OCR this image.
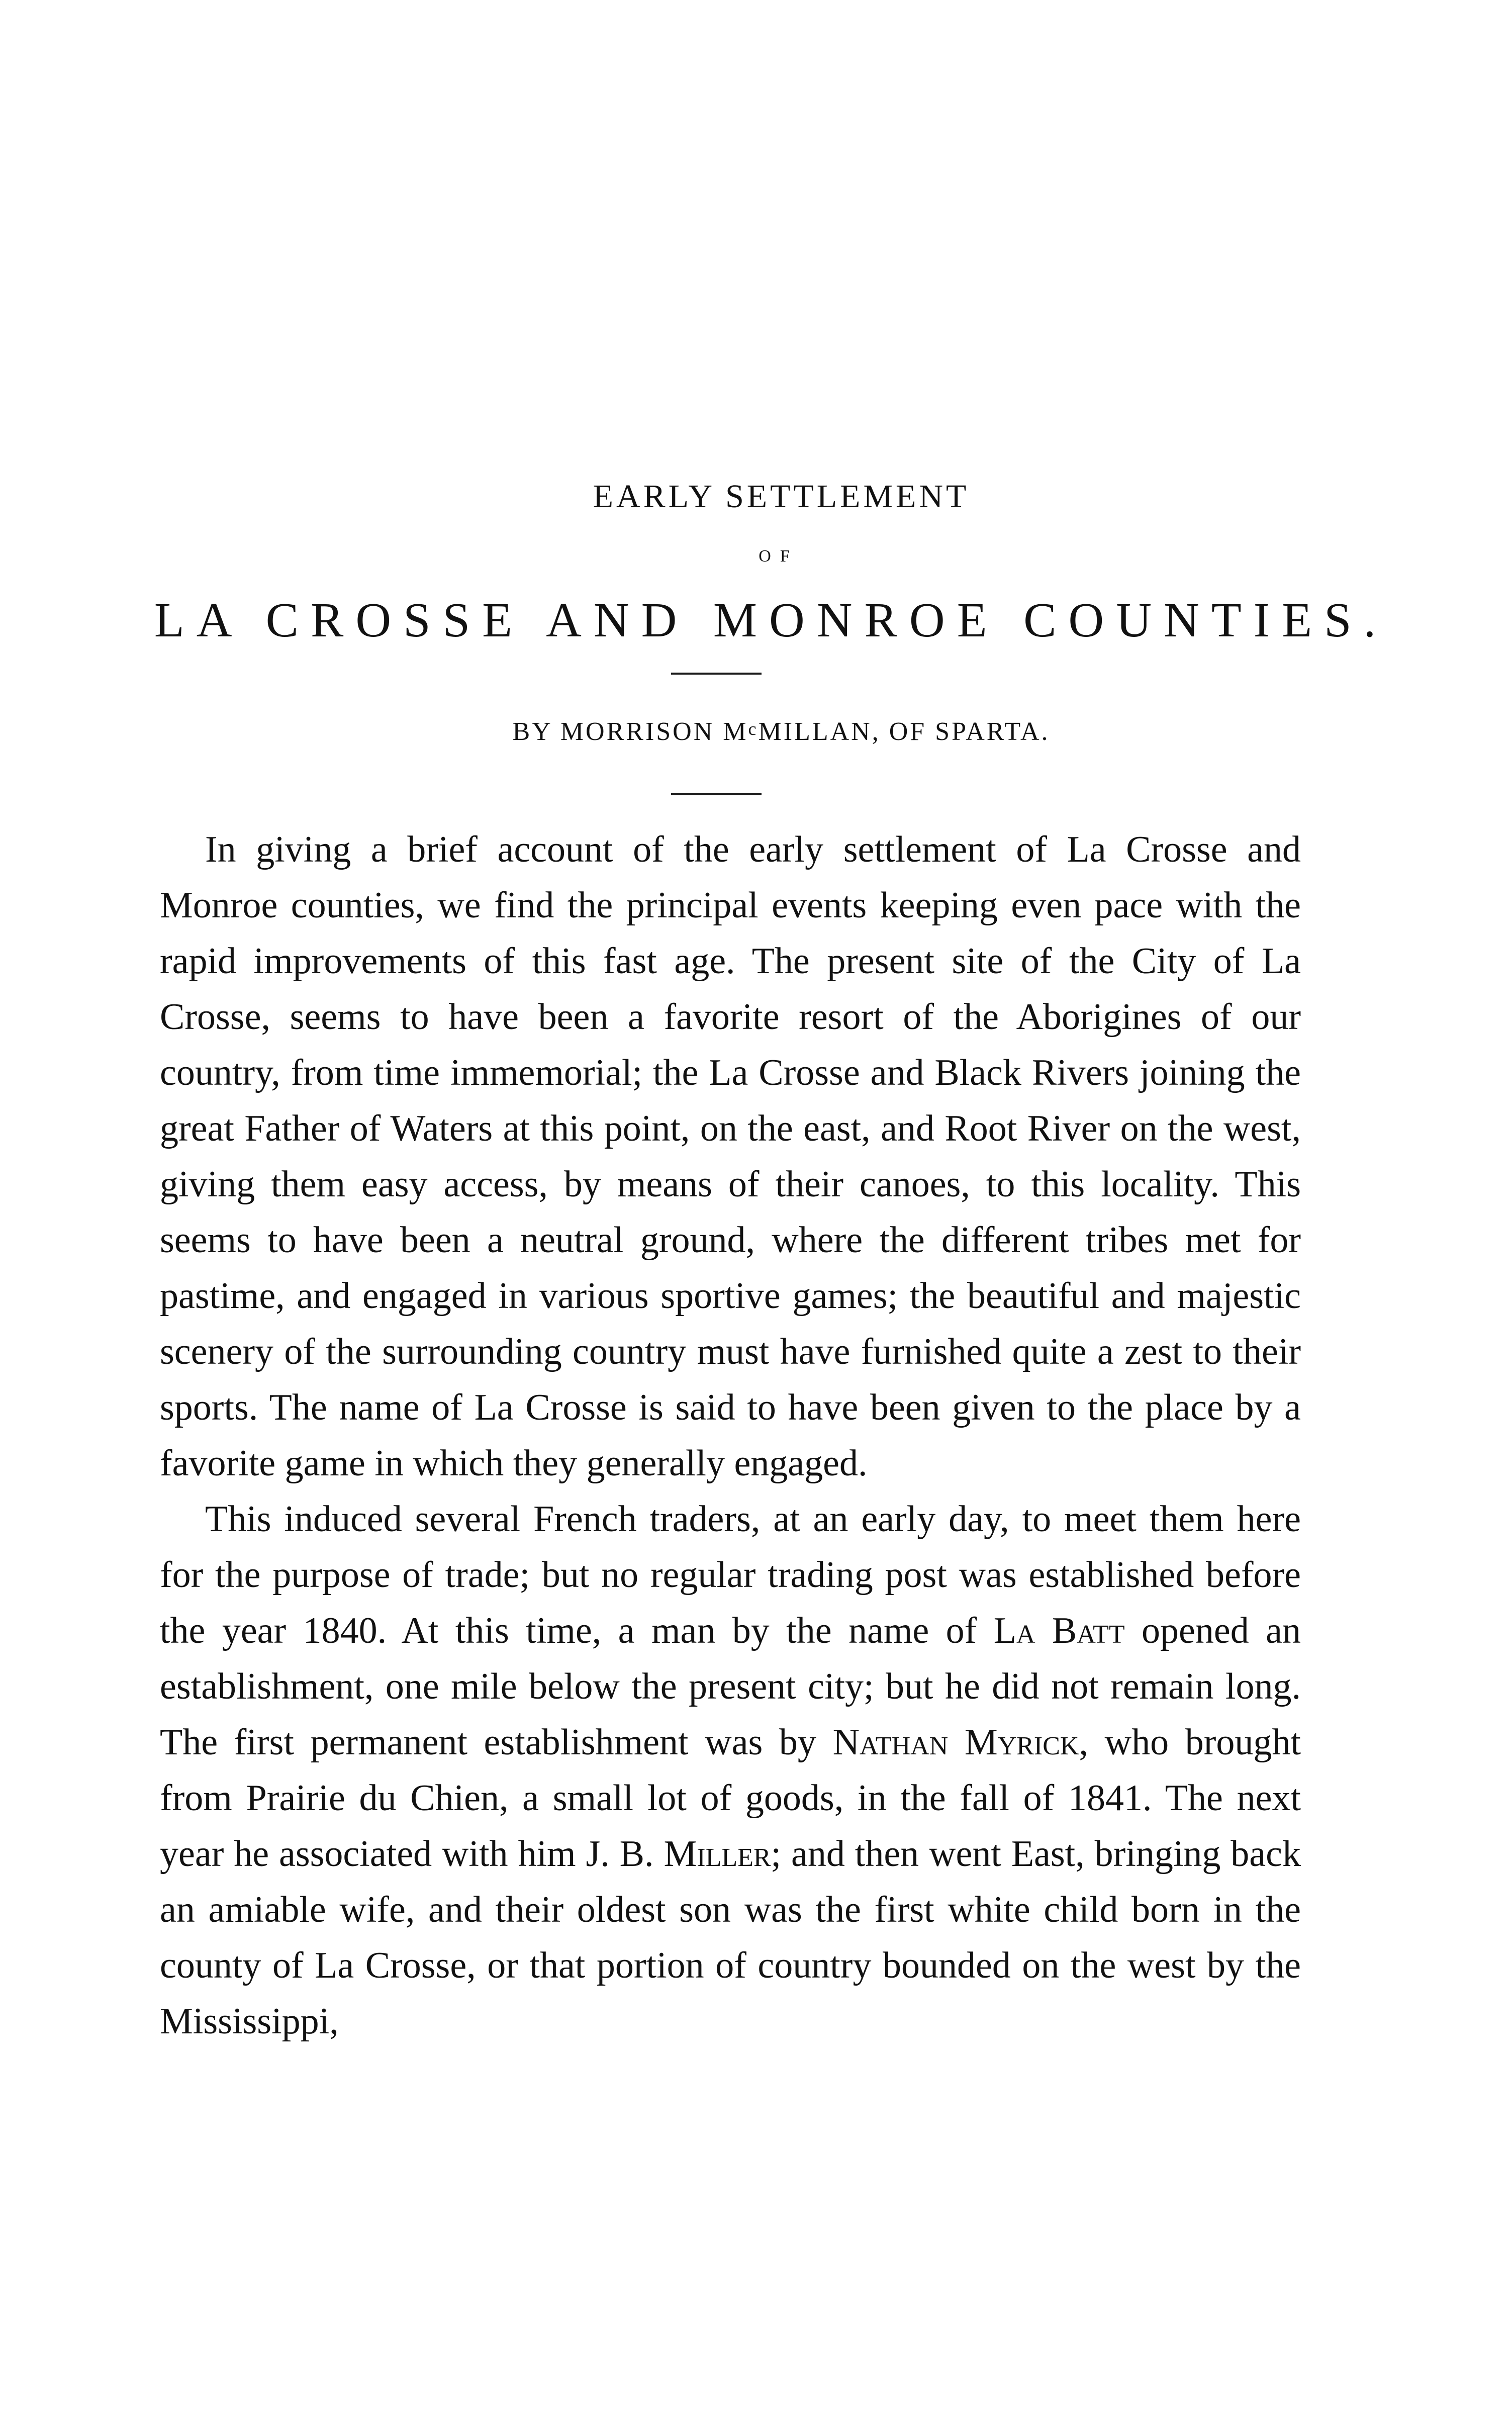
EARLY SETTLEMENT
OF
LA CROSSE AND MONROE COUNTIES.
BY MORRISON $M^cMILLAN$, OF SPARTA.

In giving a brief account of the early settlement of La Crosse and Monroe counties, we find the principal events keeping even pace with the rapid improvements of this fast age. The present site of the City of La Crosse, seems to have been a favorite resort of the Aborigines of our country, from time immemorial; the La Crosse and Black Rivers joining the great Father of Waters at this point, on the east, and Root River on the west, giving them easy access, by means of their canoes, to this locality. This seems to have been a neutral ground, where the different tribes met for pastime, and engaged in various sportive games; the beautiful and majestic scenery of the surrounding country must have furnished quite a zest to their sports. The name of La Crosse is said to have been given to the place by a favorite game in which they generally engaged.

This induced several French traders, at an early day, to meet them here for the purpose of trade; but no regular trading post was established before the year 1840. At this time, a man by the name of La Batt opened an establishment, one mile below the present city; but he did not remain long. The first permanent establishment was by Nathan Myrick, who brought from Prairie du Chien, a small lot of goods, in the fall of 1841. The next year he associated with him J. B. Miller; and then went East, bringing back an amiable wife, and their oldest son was the first white child born in the county of La Crosse, or that portion of country bounded on the west by the Mississippi,
